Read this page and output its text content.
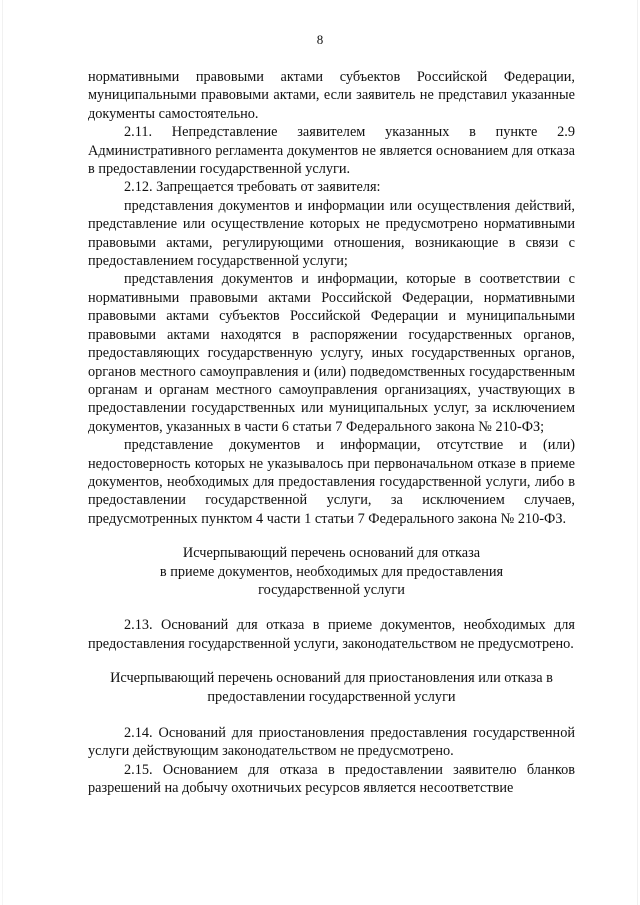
8

нормативными правовыми актами субъектов Российской Федерации, муниципальными правовыми актами, если заявитель не представил указанные документы самостоятельно.

2.11. Непредставление заявителем указанных в пункте 2.9 Административного регламента документов не является основанием для отказа в предоставлении государственной услуги.

2.12. Запрещается требовать от заявителя:

представления документов и информации или осуществления действий, представление или осуществление которых не предусмотрено нормативными правовыми актами, регулирующими отношения, возникающие в связи с предоставлением государственной услуги;

представления документов и информации, которые в соответствии с нормативными правовыми актами Российской Федерации, нормативными правовыми актами субъектов Российской Федерации и муниципальными правовыми актами находятся в распоряжении государственных органов, предоставляющих государственную услугу, иных государственных органов, органов местного самоуправления и (или) подведомственных государственным органам и органам местного самоуправления организациях, участвующих в предоставлении государственных или муниципальных услуг, за исключением документов, указанных в части 6 статьи 7 Федерального закона № 210-ФЗ;

представление документов и информации, отсутствие и (или) недостоверность которых не указывалось при первоначальном отказе в приеме документов, необходимых для предоставления государственной услуги, либо в предоставлении государственной услуги, за исключением случаев, предусмотренных пунктом 4 части 1 статьи 7 Федерального закона № 210-ФЗ.

Исчерпывающий перечень оснований для отказа

в приеме документов, необходимых для предоставления

государственной услуги

2.13. Оснований для отказа в приеме документов, необходимых для предоставления государственной услуги, законодательством не предусмотрено.

Исчерпывающий перечень оснований для приостановления или отказа в

предоставлении государственной услуги

2.14. Оснований для приостановления предоставления государственной услуги действующим законодательством не предусмотрено.

2.15. Основанием для отказа в предоставлении заявителю бланков разрешений на добычу охотничьих ресурсов является несоответствие
